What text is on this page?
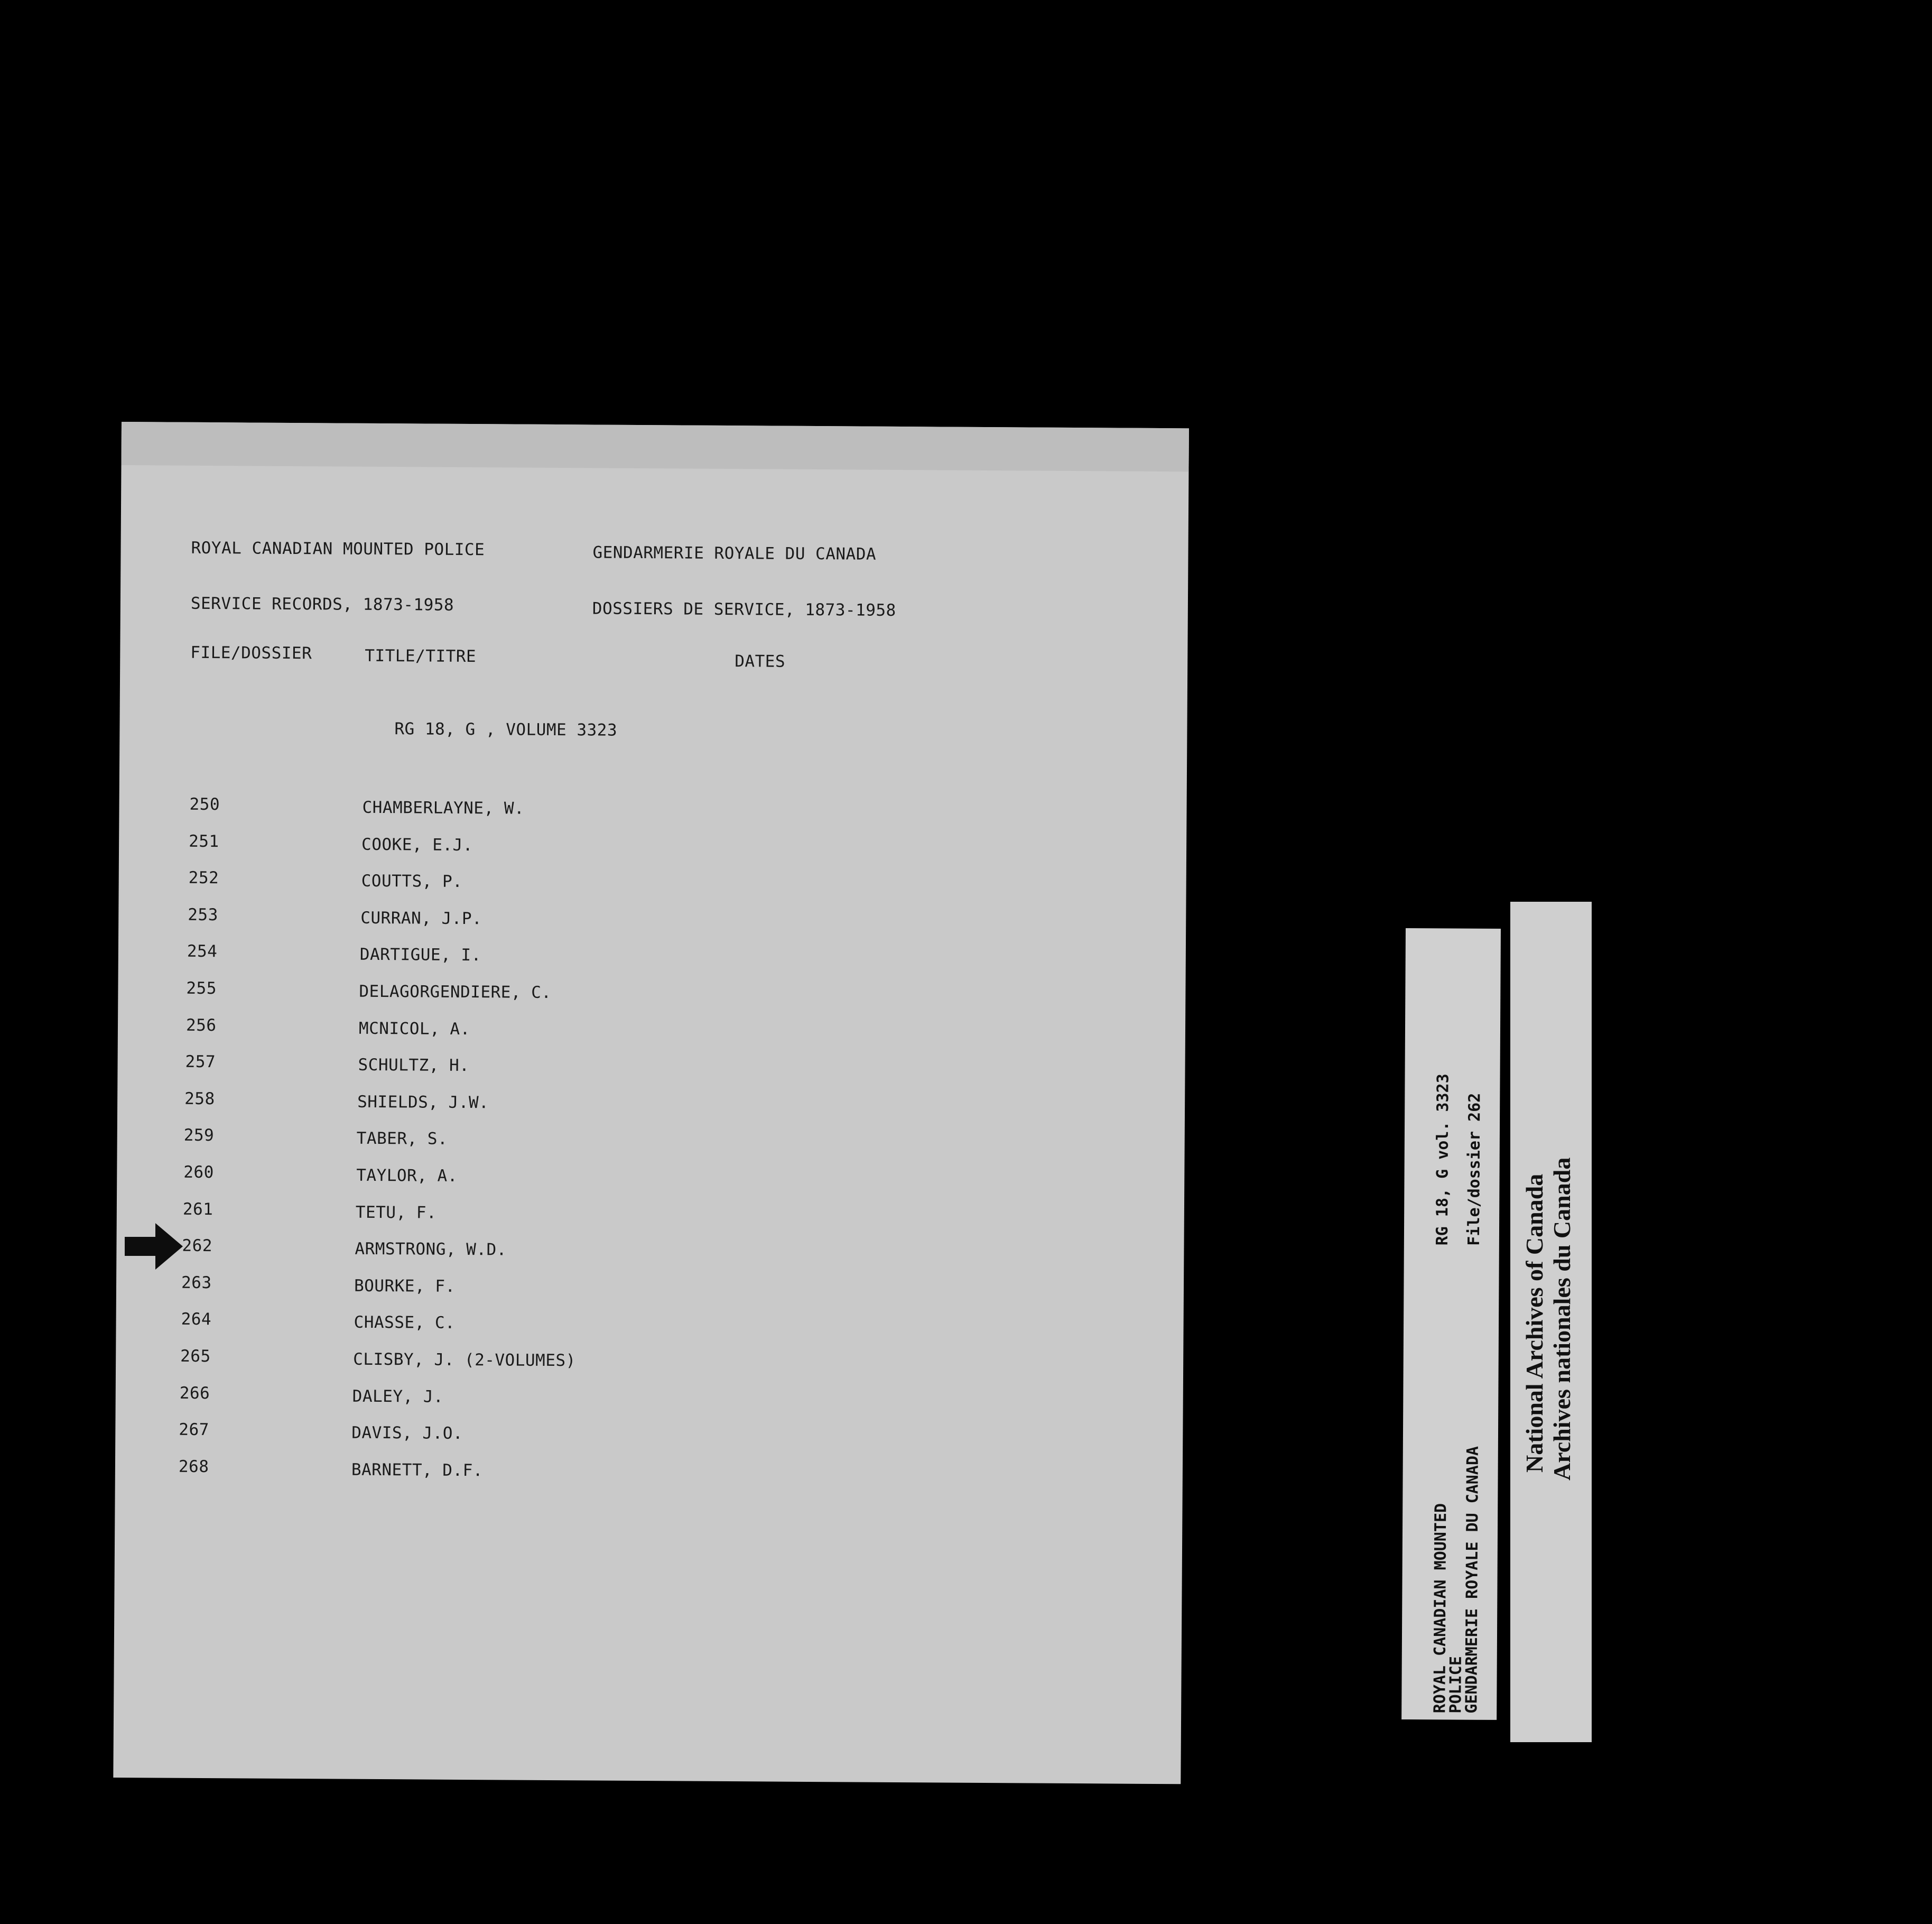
ROYAL CANADIAN MOUNTED POLICE	GENDARMERIE ROYALE DU CANADA
SERVICE RECORDS, 1873-1958	DOSSIERS DE SERVICE, 1873-1958
FILE/DOSSIER	TITLE/TITRE	DATES
RG 18, G , VOLUME 3323
250	CHAMBERLAYNE, W.
251	COOKE, E.J.
252	COUTTS, P.
253	CURRAN, J.P.
254	DARTIGUE, I.
255	DELAGORGENDIERE, C.
256	MCNICOL, A.
257	SCHULTZ, H.
258	SHIELDS, J.W.
259	TABER, S.
260	TAYLOR, A.
261	TETU, F.
262	ARMSTRONG, W.D.
263	BOURKE, F.
264	CHASSE, C.
265	CLISBY, J. (2-VOLUMES)
266	DALEY, J.
267	DAVIS, J.O.
268	BARNETT, D.F.
ROYAL CANADIAN MOUNTED
POLICE
GENDARMERIE ROYALE DU CANADA
RG 18, G vol. 3323 File/dossier 262
National Archives of Canada Archives nationales du Canada
